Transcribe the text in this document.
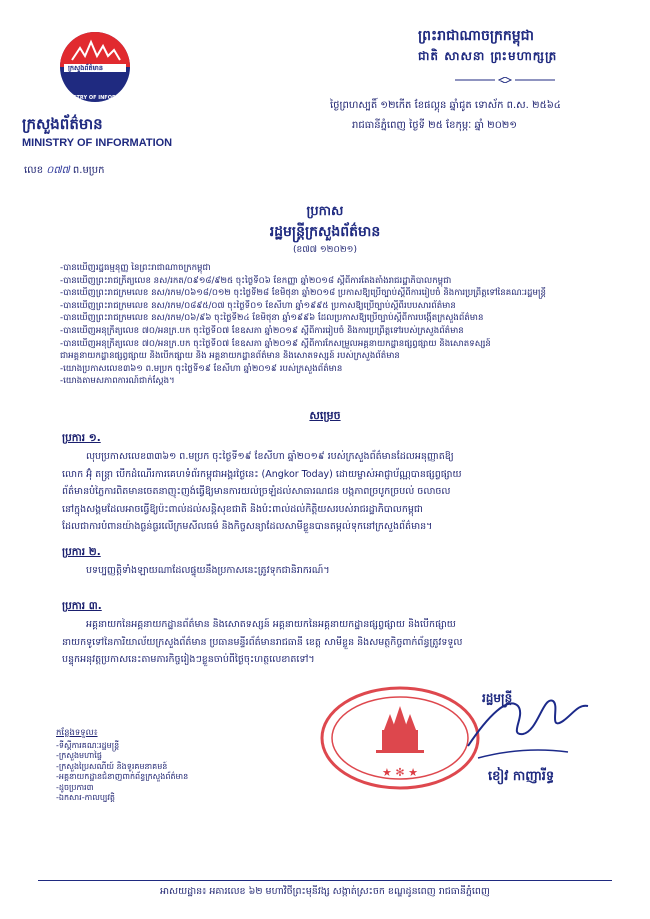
ក្រសួងព័ត៌មាន
MINISTRY OF INFORMATION
ក្រសួងព័ត៌មាន
MINISTRY OF INFORMATION
លេខ ០៧៧ ព.មប្រក
ព្រះរាជាណាចក្រកម្ពុជា
ជាតិ សាសនា ព្រះមហាក្សត្រ
ថ្ងៃ​ព្រហស្បតិ៍ ១២កើត ខែផល្គុន ឆ្នាំជូត ទោស័ក ព.ស. ២៥៦៤
រាជធានីភ្នំពេញ ថ្ងៃទី ២៥ ខែកុម្ភៈ ឆ្នាំ ២០២១
ប្រកាស
រដ្ឋមន្ត្រីក្រសួងព័ត៌មាន
(ខ៧៧ ១២០២១)
-បានឃើញរដ្ឋធម្មនុញ្ញ នៃព្រះរាជាណាចក្រកម្ពុជា
-បានឃើញព្រះរាជក្រឹត្យលេខ នស/រកត/០៩១៨/៩២៥ ចុះថ្ងៃទី០៦ ខែកញ្ញា ឆ្នាំ២០១៨ ស្តីពីការតែងតាំងរាជរដ្ឋាភិបាលកម្ពុជា
-បានឃើញព្រះរាជក្រមលេខ នស/រកម/០៦១៨/០១២ ចុះថ្ងៃទី២៨ ខែមិថុនា ឆ្នាំ២០១៨ ប្រកាសឱ្យប្រើច្បាប់ស្តីពីការរៀបចំ និងការប្រព្រឹត្តទៅនៃគណៈរដ្ឋមន្ត្រី
-បានឃើញព្រះរាជក្រមលេខ នស/រកម/០៨៩៥/០៧ ចុះថ្ងៃទី០១ ខែសីហា ឆ្នាំ១៩៩៥ ប្រកាសឱ្យប្រើច្បាប់ស្តីពីរបបសារព័ត៌មាន
-បានឃើញព្រះរាជក្រមលេខ នស/រកម/០៦/៩៦ ចុះថ្ងៃទី២៤ ខែមិថុនា ឆ្នាំ១៩៩៦ ដែលប្រកាសឱ្យប្រើច្បាប់ស្តីពីការបង្កើតក្រសួងព័ត៌មាន
-បានឃើញអនុក្រឹត្យលេខ ៧០/អនក្រ.បក ចុះថ្ងៃទី០៧ ខែឧសភា ឆ្នាំ២០១៩ ស្តីពីការរៀបចំ និងការប្រព្រឹត្តទៅរបស់ក្រសួងព័ត៌មាន
-បានឃើញអនុក្រឹត្យលេខ ៧០/អនក្រ.បក ចុះថ្ងៃទី០៧ ខែឧសភា ឆ្នាំ២០១៩ ស្តីពីការកែសម្រួលអគ្គនាយកដ្ឋានផ្សព្វផ្សាយ និងសោតទស្សន៍
ជាអគ្គនាយកដ្ឋានផ្សព្វផ្សាយ និងបើកផ្សាយ និង អគ្គនាយកដ្ឋានព័ត៌មាន និងសោតទស្សន៍ របស់ក្រសួងព័ត៌មាន
-យោងប្រកាសលេខ៣៦១ ព.មប្រក ចុះថ្ងៃទី១៩ ខែសីហា ឆ្នាំ២០១៩ របស់ក្រសួងព័ត៌មាន
-យោងតាមសភាពការណ៍ជាក់ស្តែង។
សម្រេច
ប្រការ ១.
លុបប្រកាសលេខ៣៣៦១ ព.មប្រក ចុះថ្ងៃទី១៩ ខែសីហា ឆ្នាំ២០១៩ របស់ក្រសួងព័ត៌មានដែលអនុញ្ញាតឱ្យ
លោក អ៊ុំ តន្ត្រា បើកដំណើរការគេហទំព័រកម្ពុជាអង្គរថ្ងៃនេះ (Angkor Today) ដោយម្ចាស់អាជ្ញាប័ណ្ណបានផ្សព្វផ្សាយ
ព័ត៌មានបំភ្លៃការពិតមានចេតនាញុះញង់ធ្វើឱ្យមានការយល់ច្រឡំដល់សាធារណជន បង្កភាពច្របូកច្របល់ ចលាចល
នៅក្នុងសង្គមដែលអាចធ្វើឱ្យប៉ះពាល់ដល់សន្តិសុខជាតិ និងប៉ះពាល់ដល់កិត្តិយសរបស់រាជរដ្ឋាភិបាលកម្ពុជា
ដែលជាការបំពានយ៉ាងធ្ងន់ធ្ងរលើក្រមសីលធម៌ និងកិច្ចសន្យាដែលសាមីខ្លួនបានតម្កល់ទុកនៅក្រសួងព័ត៌មាន។
ប្រការ ២.
បទប្បញ្ញត្តិទាំងឡាយណាដែលផ្ទុយនឹងប្រកាសនេះត្រូវទុកជានិរាករណ៍។
ប្រការ ៣.
អគ្គនាយកនៃអគ្គនាយកដ្ឋានព័ត៌មាន និងសោតទស្សន៍ អគ្គនាយកនៃអគ្គនាយកដ្ឋានផ្សព្វផ្សាយ និងបើកផ្សាយ
នាយកទូទៅនៃការិយាល័យក្រសួងព័ត៌មាន ប្រធានមន្ទីរព័ត៌មានរាជធានី ខេត្ត សាមីខ្លួន និងសមត្ថកិច្ចពាក់ព័ន្ធត្រូវទទួល
បន្ទុកអនុវត្តប្រកាសនេះតាមភារកិច្ចរៀងៗខ្លួនចាប់ពីថ្ងៃចុះហត្ថលេខាតទៅ។
កន្លែងទទួល៖
-ទីស្តីការគណៈរដ្ឋមន្ត្រី
-ក្រសួងមហាផ្ទៃ
-ក្រសួងប្រៃសណីយ៍ និងទូរគមនាគមន៍
-អគ្គនាយកដ្ឋានជំនាញពាក់ព័ន្ធក្រសួងព័ត៌មាន
-ដូចប្រការ៣
-ឯកសារ-កាលប្បវត្តិ
★ ✻ ★
រដ្ឋមន្ត្រី
ខៀវ កាញារីទ្ធ
អាសយដ្ឋាន៖ អគារលេខ ៦២ មហាវិថីព្រះមុនីវង្ស សង្កាត់ស្រះចក ខណ្ឌដូនពេញ រាជធានីភ្នំពេញ
